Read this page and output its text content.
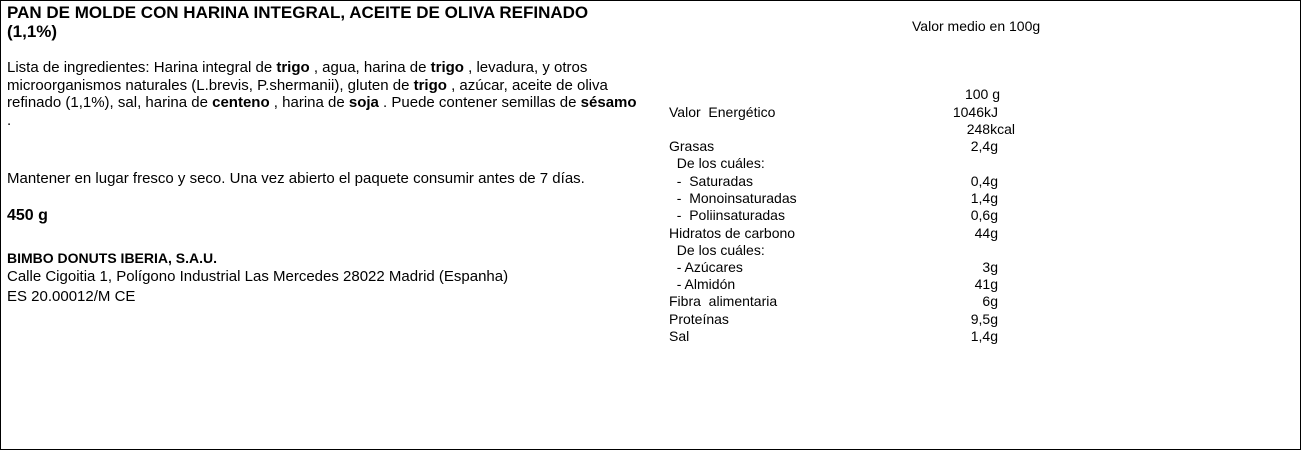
PAN DE MOLDE CON HARINA INTEGRAL, ACEITE DE OLIVA REFINADO (1,1%)
Lista de ingredientes: Harina integral de trigo , agua, harina de trigo , levadura, y otros microorganismos naturales (L.brevis, P.shermanii), gluten de trigo , azúcar, aceite de oliva refinado (1,1%), sal, harina de centeno , harina de soja . Puede contener semillas de sésamo
.
Mantener en lugar fresco y seco. Una vez abierto el paquete consumir antes de 7 días.
450 g
BIMBO DONUTS IBERIA, S.A.U.
Calle Cigoitia 1, Polígono Industrial Las Mercedes 28022 Madrid (Espanha)
ES 20.00012/M CE
Valor medio en 100g
100 g
Valor  Energético	1046kJ
248kcal
Grasas	2,4g
De los cuáles:
-  Saturadas	0,4g
-  Monoinsaturadas	1,4g
-  Poliinsaturadas	0,6g
Hidratos de carbono	44g
De los cuáles:
- Azúcares	3g
- Almidón	41g
Fibra  alimentaria	6g
Proteínas	9,5g
Sal	1,4g
